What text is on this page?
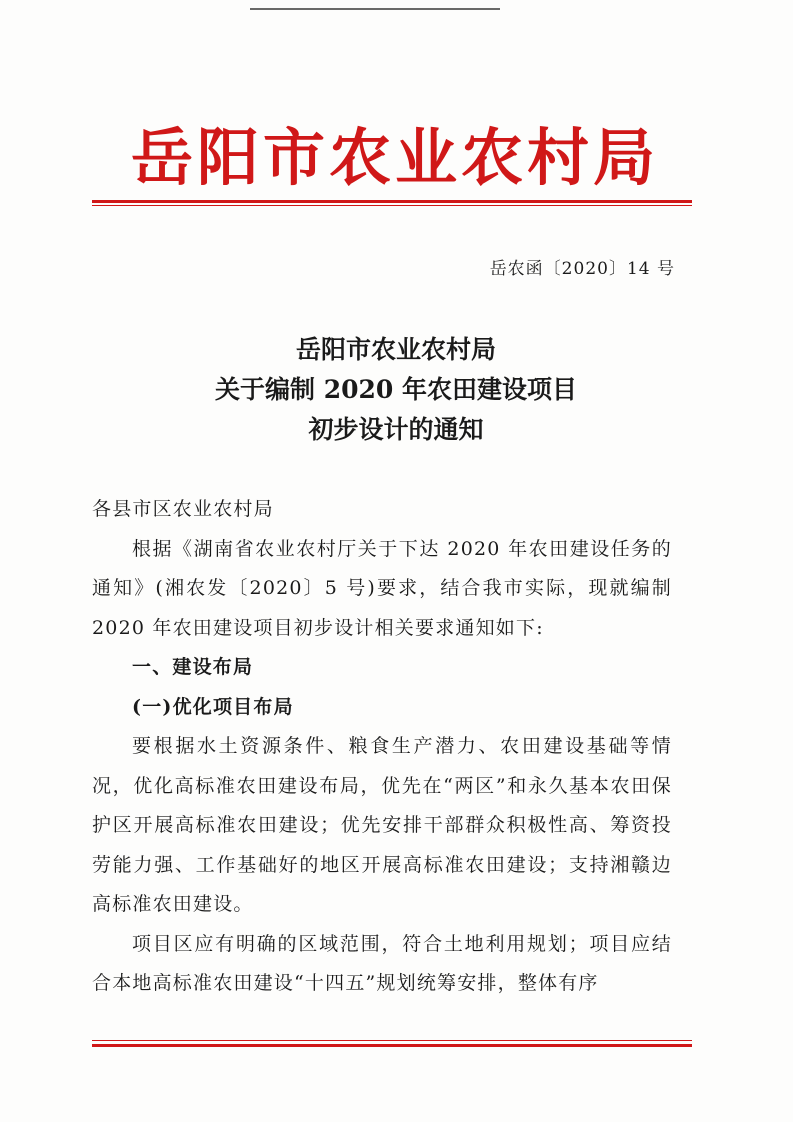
岳阳市农业农村局
岳农函〔2020〕14 号
岳阳市农业农村局
关于编制 2020 年农田建设项目
初步设计的通知

各县市区农业农村局

根据《湖南省农业农村厅关于下达 2020 年农田建设任务的通知》(湘农发〔2020〕5 号)要求，结合我市实际，现就编制 2020 年农田建设项目初步设计相关要求通知如下:

一、建设布局

(一)优化项目布局

要根据水土资源条件、粮食生产潜力、农田建设基础等情况，优化高标准农田建设布局，优先在“两区”和永久基本农田保护区开展高标准农田建设；优先安排干部群众积极性高、筹资投劳能力强、工作基础好的地区开展高标准农田建设；支持湘赣边高标准农田建设。

项目区应有明确的区域范围，符合土地利用规划；项目应结合本地高标准农田建设“十四五”规划统筹安排，整体有序
